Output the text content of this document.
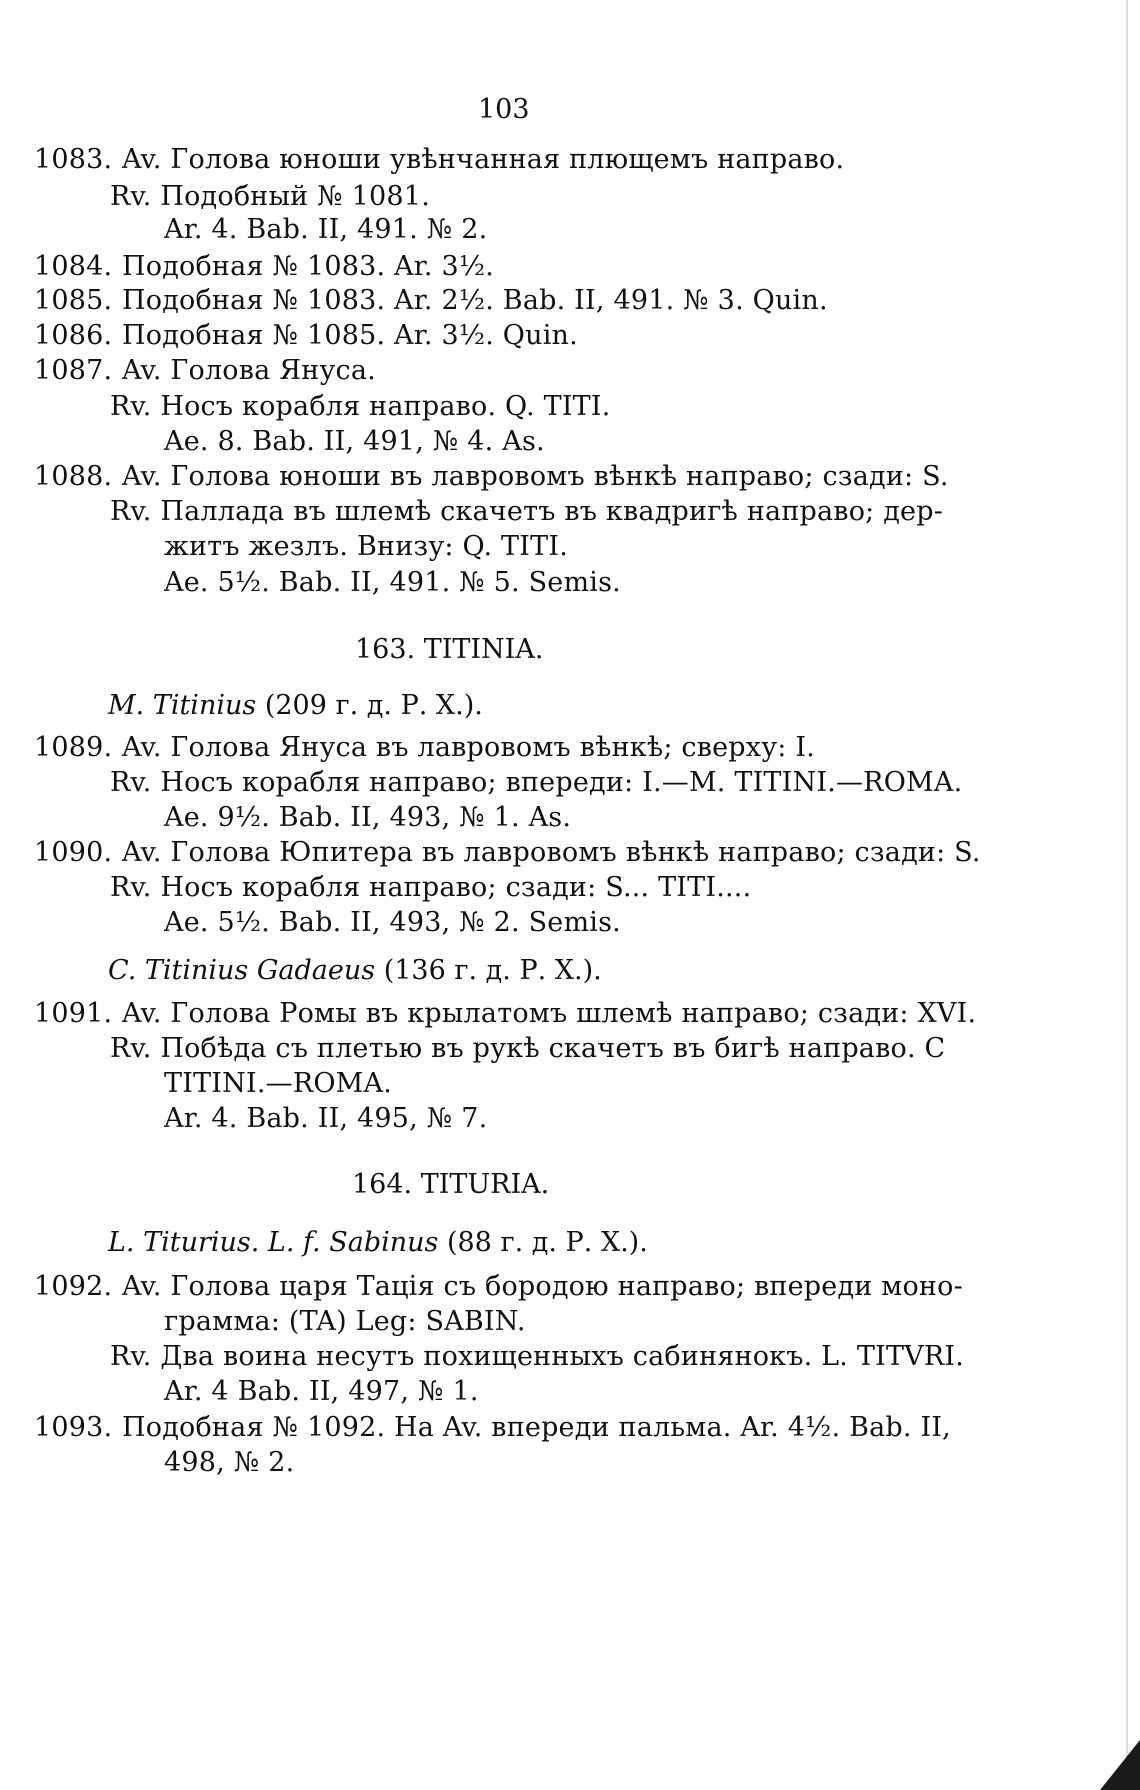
103
1083. Av. Голова юноши увѣнчанная плющемъ направо.
Rv. Подобный № 1081.
Ar. 4. Bab. II, 491. № 2.
1084. Подобная № 1083. Ar. 3½.
1085. Подобная № 1083. Ar. 2½. Bab. II, 491. № 3. Quin.
1086. Подобная № 1085. Ar. 3½. Quin.
1087. Av. Голова Януса.
Rv. Носъ корабля направо. Q. TITI.
Ae. 8. Bab. II, 491, № 4. As.
1088. Av. Голова юноши въ лавровомъ вѣнкѣ направо; сзади: S.
Rv. Паллада въ шлемѣ скачетъ въ квадригѣ направо; дер-
житъ жезлъ. Внизу: Q. TITI.
Ae. 5½. Bab. II, 491. № 5. Semis.
163. TITINIA.
M. Titinius (209 г. д. Р. Х.).
1089. Av. Голова Януса въ лавровомъ вѣнкѣ; сверху: I.
Rv. Носъ корабля направо; впереди: I.—M. TITINI.—ROMA.
Ae. 9½. Bab. II, 493, № 1. As.
1090. Av. Голова Юпитера въ лавровомъ вѣнкѣ направо; сзади: S.
Rv. Носъ корабля направо; сзади: S... TITI....
Ae. 5½. Bab. II, 493, № 2. Semis.
C. Titinius Gadaeus (136 г. д. Р. Х.).
1091. Av. Голова Ромы въ крылатомъ шлемѣ направо; сзади: XVI.
Rv. Побѣда съ плетью въ рукѣ скачетъ въ бигѣ направо. C
TITINI.—ROMA.
Ar. 4. Bab. II, 495, № 7.
164. TITURIA.
L. Titurius. L. f. Sabinus (88 г. д. Р. Х.).
1092. Av. Голова царя Тація съ бородою направо; впереди моно-
грамма: (TA) Leg: SABIN.
Rv. Два воина несутъ похищенныхъ сабинянокъ. L. TITVRI.
Ar. 4 Bab. II, 497, № 1.
1093. Подобная № 1092. На Av. впереди пальма. Ar. 4½. Bab. II,
498, № 2.
